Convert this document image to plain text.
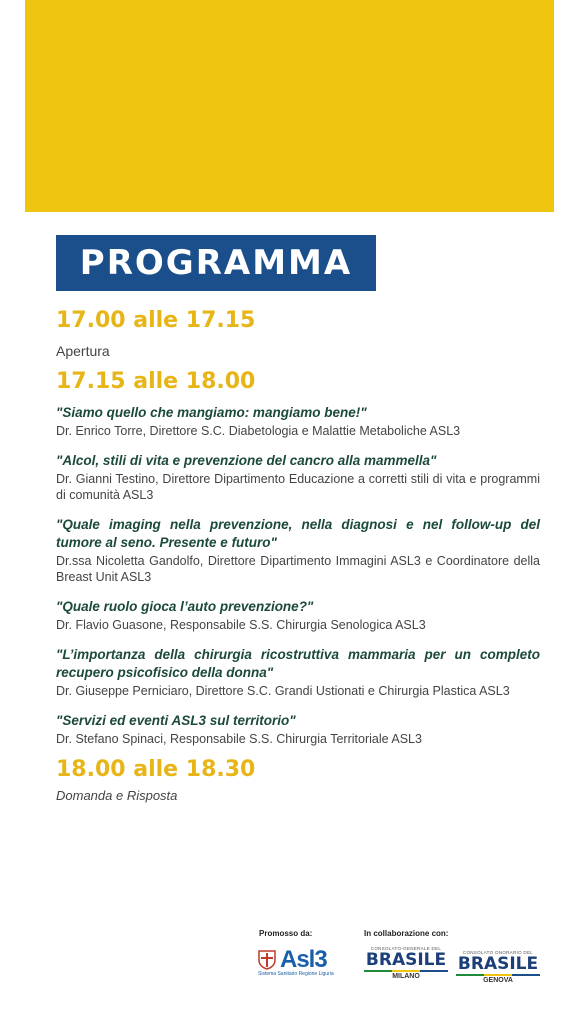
PROGRAMMA
17.00 alle 17.15
Apertura
17.15 alle 18.00
"Siamo quello che mangiamo: mangiamo bene!"
Dr. Enrico Torre, Direttore S.C. Diabetologia e Malattie Metaboliche ASL3
"Alcol, stili di vita e prevenzione del cancro alla mammella"
Dr. Gianni Testino, Direttore Dipartimento Educazione a corretti stili di vita e programmi di comunità ASL3
"Quale imaging nella prevenzione, nella diagnosi e nel follow-up del tumore al seno. Presente e futuro"
Dr.ssa Nicoletta Gandolfo, Direttore Dipartimento Immagini ASL3 e Coordinatore della Breast Unit ASL3
"Quale ruolo gioca l’auto prevenzione?"
Dr. Flavio Guasone, Responsabile S.S. Chirurgia Senologica ASL3
"L’importanza della chirurgia ricostruttiva mammaria per un completo recupero psicofisico della donna"
Dr. Giuseppe Perniciaro, Direttore S.C. Grandi Ustionati e Chirurgia Plastica ASL3
"Servizi ed eventi ASL3 sul territorio"
Dr. Stefano Spinaci, Responsabile S.S. Chirurgia Territoriale ASL3
18.00 alle 18.30
Domanda e Risposta
Promosso da:	In collaborazione con:
Asl3
Sistema Sanitario Regione Liguria
CONSOLATO-GENERALE DEL
BRASILE
MILANO
CONSOLATO ONORARIO DEL
BRASILE
GENOVA
